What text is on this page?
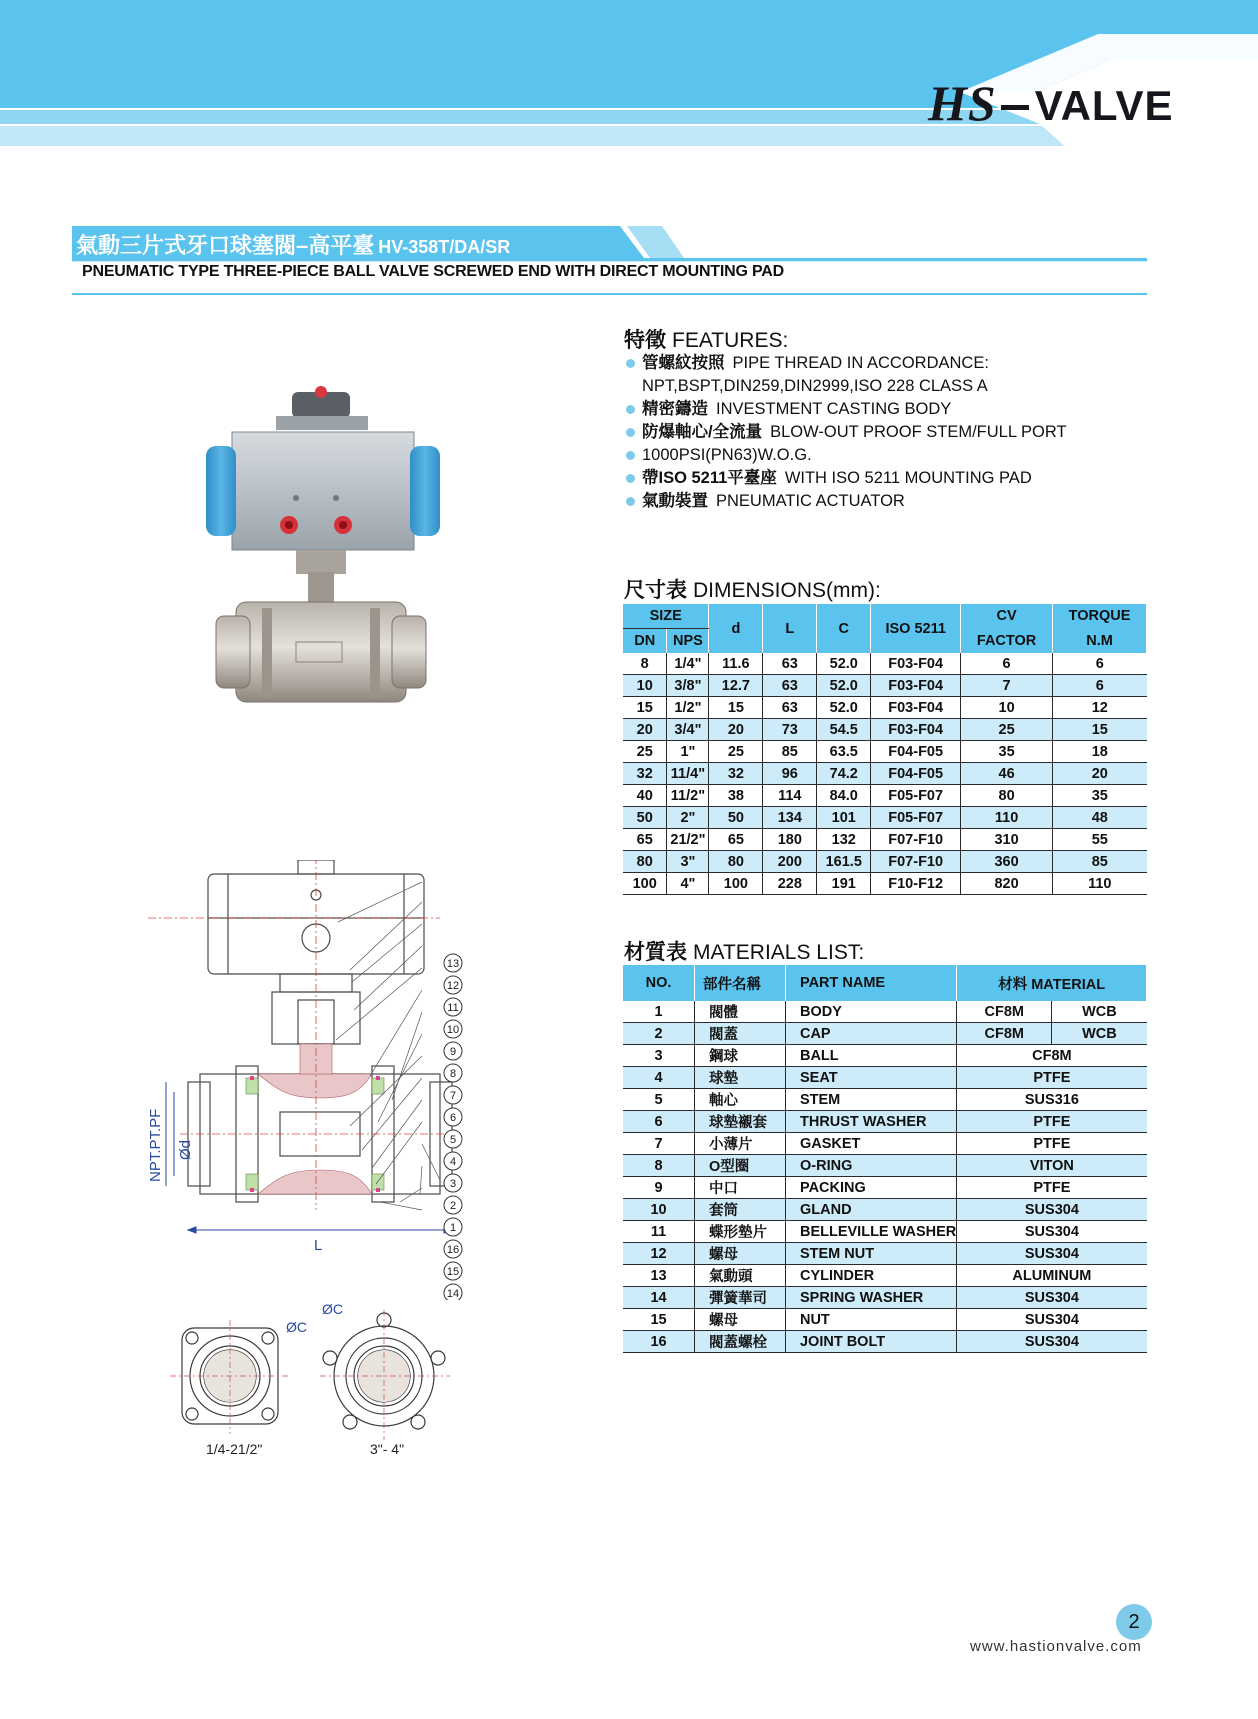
HS VALVE
氣動三片式牙口球塞閥–高平臺 HV-358T/DA/SR
PNEUMATIC TYPE THREE-PIECE BALL VALVE SCREWED END WITH DIRECT MOUNTING PAD
13
12
11
10
9
8
7
6
5
4
3
2
1
16
15
14
NPT.PT.PF Ød
L
ØC
ØC
1/4-21/2"	3"- 4"
特徵 FEATURES:
管螺紋按照 PIPE THREAD IN ACCORDANCE:
NPT,BSPT,DIN259,DIN2999,ISO 228 CLASS A
精密鑄造 INVESTMENT CASTING BODY
防爆軸心/全流量 BLOW-OUT PROOF STEM/FULL PORT
1000PSI(PN63)W.O.G.
帶ISO 5211平臺座 WITH ISO 5211 MOUNTING PAD
氣動裝置 PNEUMATIC ACTUATOR
尺寸表 DIMENSIONS(mm):
SIZE		d	L	C	ISO 5211	CV	TORQUE
DN	NPS					FACTOR	N.M
8	1/4"	11.6	63	52.0	F03-F04	6	6
10	3/8"	12.7	63	52.0	F03-F04	7	6
15	1/2"	15	63	52.0	F03-F04	10	12
20	3/4"	20	73	54.5	F03-F04	25	15
25	1"	25	85	63.5	F04-F05	35	18
32	11/4"	32	96	74.2	F04-F05	46	20
40	11/2"	38	114	84.0	F05-F07	80	35
50	2"	50	134	101	F05-F07	110	48
65	21/2"	65	180	132	F07-F10	310	55
80	3"	80	200	161.5	F07-F10	360	85
100	4"	100	228	191	F10-F12	820	110
材質表 MATERIALS LIST:
NO.	部件名稱	PART NAME	材料 MATERIAL	
1	閥體	BODY	CF8M	WCB
2	閥蓋	CAP	CF8M	WCB
3	鋼球	BALL	CF8M	
4	球墊	SEAT	PTFE	
5	軸心	STEM	SUS316	
6	球墊襯套	THRUST WASHER	PTFE	
7	小薄片	GASKET	PTFE	
8	O型圈	O-RING	VITON	
9	中口	PACKING	PTFE	
10	套筒	GLAND	SUS304	
11	蝶形墊片	BELLEVILLE WASHER	SUS304	
12	螺母	STEM NUT	SUS304	
13	氣動頭	CYLINDER	ALUMINUM	
14	彈簧華司	SPRING WASHER	SUS304	
15	螺母	NUT	SUS304	
16	閥蓋螺栓	JOINT BOLT	SUS304	
2
www.hastionvalve.com
